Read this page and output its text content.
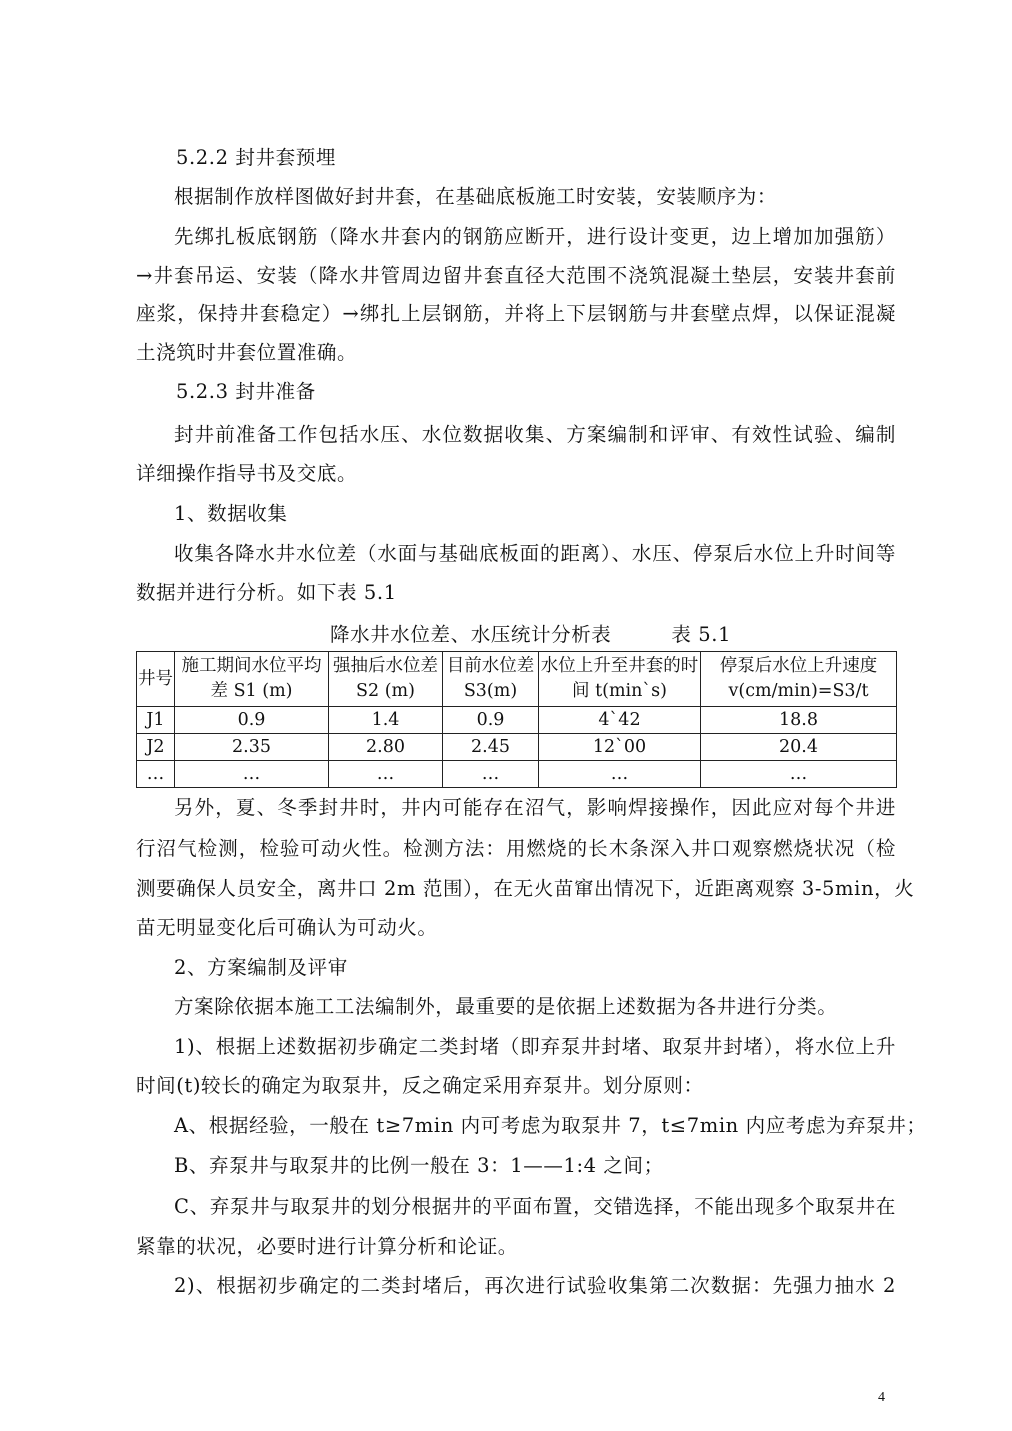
5.2.2 封井套预埋
根据制作放样图做好封井套，在基础底板施工时安装，安装顺序为：
先绑扎板底钢筋（降水井套内的钢筋应断开，进行设计变更，边上增加加强筋）
→井套吊运、安装（降水井管周边留井套直径大范围不浇筑混凝土垫层，安装井套前
座浆，保持井套稳定）→绑扎上层钢筋，并将上下层钢筋与井套壁点焊，以保证混凝
土浇筑时井套位置准确。
5.2.3 封井准备
封井前准备工作包括水压、水位数据收集、方案编制和评审、有效性试验、编制
详细操作指导书及交底。
1、数据收集
收集各降水井水位差（水面与基础底板面的距离）、水压、停泵后水位上升时间等
数据并进行分析。如下表 5.1
降水井水位差、水压统计分析表	表 5.1
井号	施工期间水位平均差 S1 (m)	强抽后水位差 S2 (m)	目前水位差 S3(m)	水位上升至井套的时间 t(min`s)	停泵后水位上升速度 v(cm/min)=S3/t
J1	0.9	1.4	0.9	4`42	18.8
J2	2.35	2.80	2.45	12`00	20.4
…	…	…	…	…	…
另外，夏、冬季封井时，井内可能存在沼气，影响焊接操作，因此应对每个井进
行沼气检测，检验可动火性。检测方法：用燃烧的长木条深入井口观察燃烧状况（检
测要确保人员安全，离井口 2m 范围），在无火苗窜出情况下，近距离观察 3-5min，火
苗无明显变化后可确认为可动火。
2、方案编制及评审
方案除依据本施工工法编制外，最重要的是依据上述数据为各井进行分类。
1)、根据上述数据初步确定二类封堵（即弃泵井封堵、取泵井封堵），将水位上升
时间(t)较长的确定为取泵井，反之确定采用弃泵井。划分原则：
A、根据经验，一般在 t≥7min 内可考虑为取泵井 7，t≤7min 内应考虑为弃泵井；
B、弃泵井与取泵井的比例一般在 3：1——1:4 之间；
C、弃泵井与取泵井的划分根据井的平面布置，交错选择，不能出现多个取泵井在
紧靠的状况，必要时进行计算分析和论证。
2)、根据初步确定的二类封堵后，再次进行试验收集第二次数据：先强力抽水 2
4
